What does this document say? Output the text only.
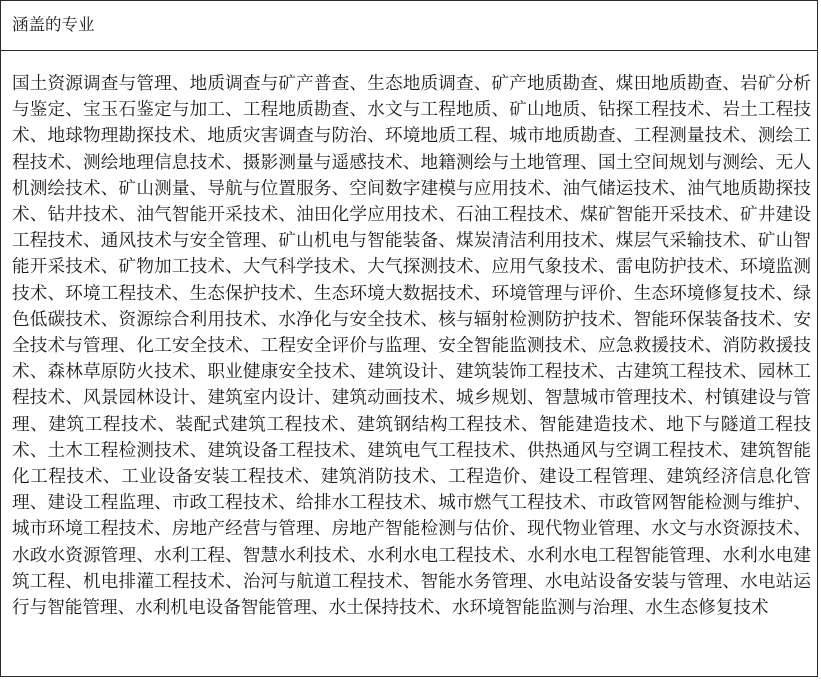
涵盖的专业

国土资源调查与管理、地质调查与矿产普查、生态地质调查、矿产地质勘查、煤田地质勘查、岩矿分析与鉴定、宝玉石鉴定与加工、工程地质勘查、水文与工程地质、矿山地质、钻探工程技术、岩土工程技术、地球物理勘探技术、地质灾害调查与防治、环境地质工程、城市地质勘查、工程测量技术、测绘工程技术、测绘地理信息技术、摄影测量与遥感技术、地籍测绘与土地管理、国土空间规划与测绘、无人机测绘技术、矿山测量、导航与位置服务、空间数字建模与应用技术、油气储运技术、油气地质勘探技术、钻井技术、油气智能开采技术、油田化学应用技术、石油工程技术、煤矿智能开采技术、矿井建设工程技术、通风技术与安全管理、矿山机电与智能装备、煤炭清洁利用技术、煤层气采输技术、矿山智能开采技术、矿物加工技术、大气科学技术、大气探测技术、应用气象技术、雷电防护技术、环境监测技术、环境工程技术、生态保护技术、生态环境大数据技术、环境管理与评价、生态环境修复技术、绿色低碳技术、资源综合利用技术、水净化与安全技术、核与辐射检测防护技术、智能环保装备技术、安全技术与管理、化工安全技术、工程安全评价与监理、安全智能监测技术、应急救援技术、消防救援技术、森林草原防火技术、职业健康安全技术、建筑设计、建筑装饰工程技术、古建筑工程技术、园林工程技术、风景园林设计、建筑室内设计、建筑动画技术、城乡规划、智慧城市管理技术、村镇建设与管理、建筑工程技术、装配式建筑工程技术、建筑钢结构工程技术、智能建造技术、地下与隧道工程技术、土木工程检测技术、建筑设备工程技术、建筑电气工程技术、供热通风与空调工程技术、建筑智能化工程技术、工业设备安装工程技术、建筑消防技术、工程造价、建设工程管理、建筑经济信息化管理、建设工程监理、市政工程技术、给排水工程技术、城市燃气工程技术、市政管网智能检测与维护、城市环境工程技术、房地产经营与管理、房地产智能检测与估价、现代物业管理、水文与水资源技术、水政水资源管理、水利工程、智慧水利技术、水利水电工程技术、水利水电工程智能管理、水利水电建筑工程、机电排灌工程技术、治河与航道工程技术、智能水务管理、水电站设备安装与管理、水电站运行与智能管理、水利机电设备智能管理、水土保持技术、水环境智能监测与治理、水生态修复技术
